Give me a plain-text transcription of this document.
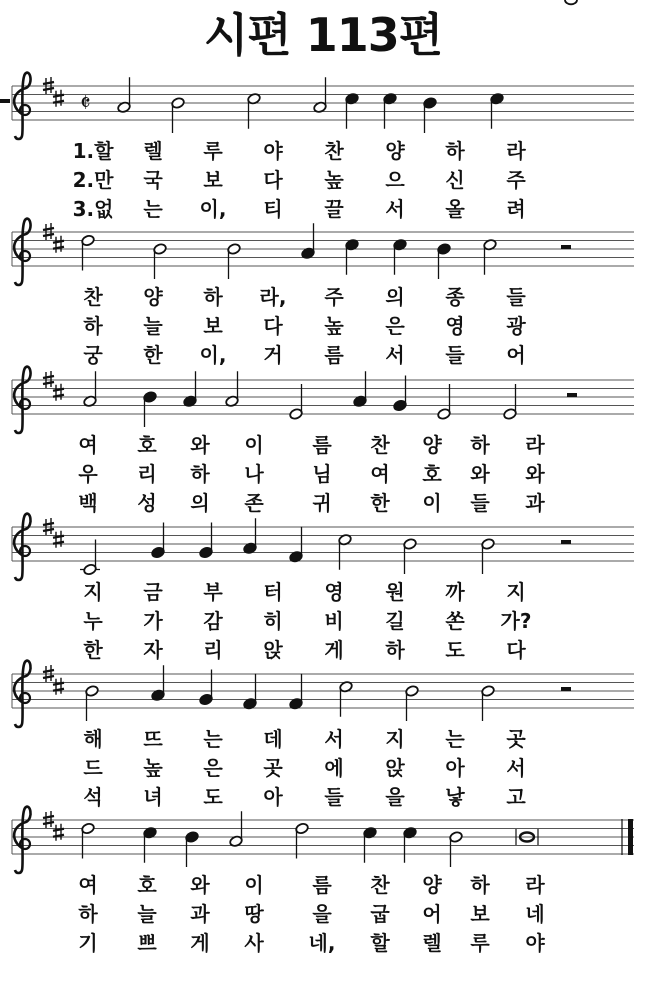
시편 113편
𝄵
1.할 렐 루 야 찬 양 하 라
2.만 국 보 다 높 으 신 주
3.없 는 이, 티 끌 서 올 려
찬 양 하 라, 주 의 종 들
하 늘 보 다 높 은 영 광
궁 한 이, 거 름 서 들 어
여 호 와 이 름 찬 양 하 라
우 리 하 나 님 여 호 와 와
백 성 의 존 귀 한 이 들 과
지 금 부 터 영 원 까 지
누 가 감 히 비 길 쏜 가?
한 자 리 앉 게 하 도 다
해 뜨 는 데 서 지 는 곳
드 높 은 곳 에 앉 아 서
석 녀 도 아 들 을 낳 고
여 호 와 이 름 찬 양 하 라
하 늘 과 땅 을 굽 어 보 네
기 쁘 게 사 네, 할 렐 루 야
